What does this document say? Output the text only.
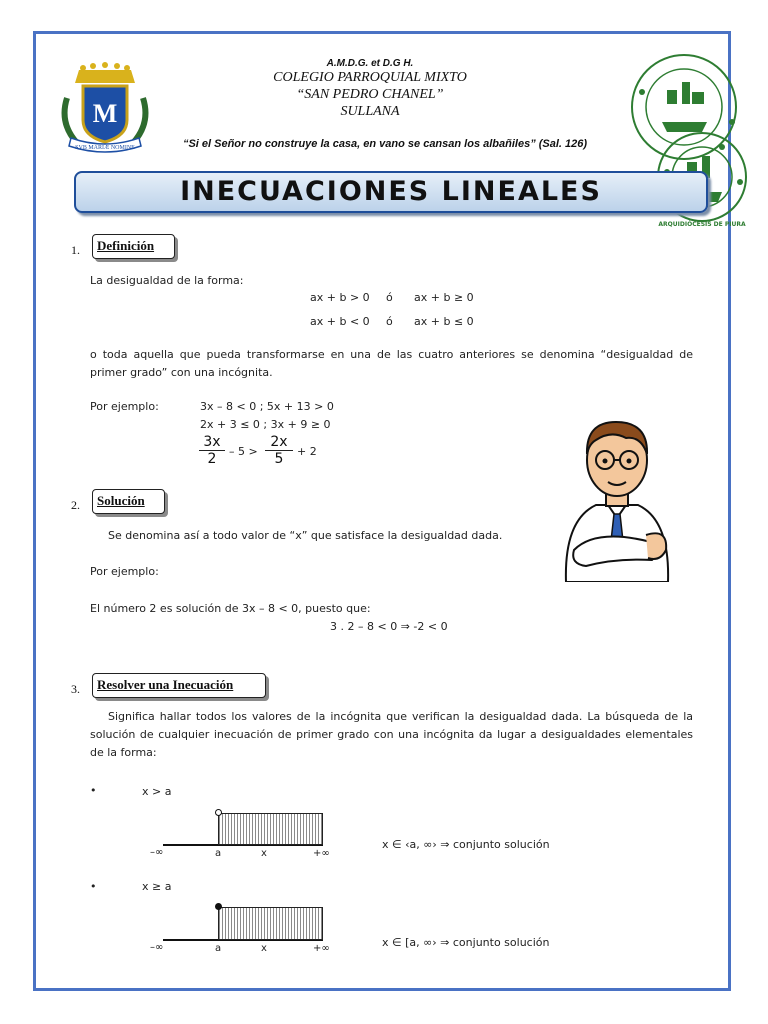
M
SVB MARIÆ NOMINE
A.M.D.G. et D.G H.
COLEGIO PARROQUIAL MIXTO
“SAN PEDRO CHANEL”
SULLANA
“Si el Señor no construye la casa, en vano se cansan los albañiles” (Sal. 126)
ARQUIDIÓCESIS DE PIURA
INECUACIONES LINEALES
1. Definición
La desigualdad de la forma:
ax + b > 0 ó ax + b ≥ 0
ax + b < 0 ó ax + b ≤ 0
o toda aquella que pueda transformarse en una de las cuatro anteriores se denomina “desigualdad de primer grado” con una incógnita.
Por ejemplo:	3x – 8 < 0 ; 5x + 13 > 0
2x + 3 ≤ 0 ; 3x + 9 ≥ 0
$\frac{3x}{2} - 5 > \frac{2x}{5} + 2$
2. Solución
Se denomina así a todo valor de “x” que satisface la desigualdad dada.
Por ejemplo:
El número 2 es solución de 3x – 8 < 0, puesto que:
3 . 2 – 8 < 0 ⇒ -2 < 0
3. Resolver una Inecuación
Significa hallar todos los valores de la incógnita que verifican la desigualdad dada. La búsqueda de la solución de cualquier inecuación de primer grado con una incógnita da lugar a desigualdades elementales de la forma:
•	x > a
–∞	a	x	+∞
x ∈ ‹a, ∞› ⇒ conjunto solución
•	x ≥ a
–∞	a	x	+∞	x ∈ [a, ∞› ⇒ conjunto solución
